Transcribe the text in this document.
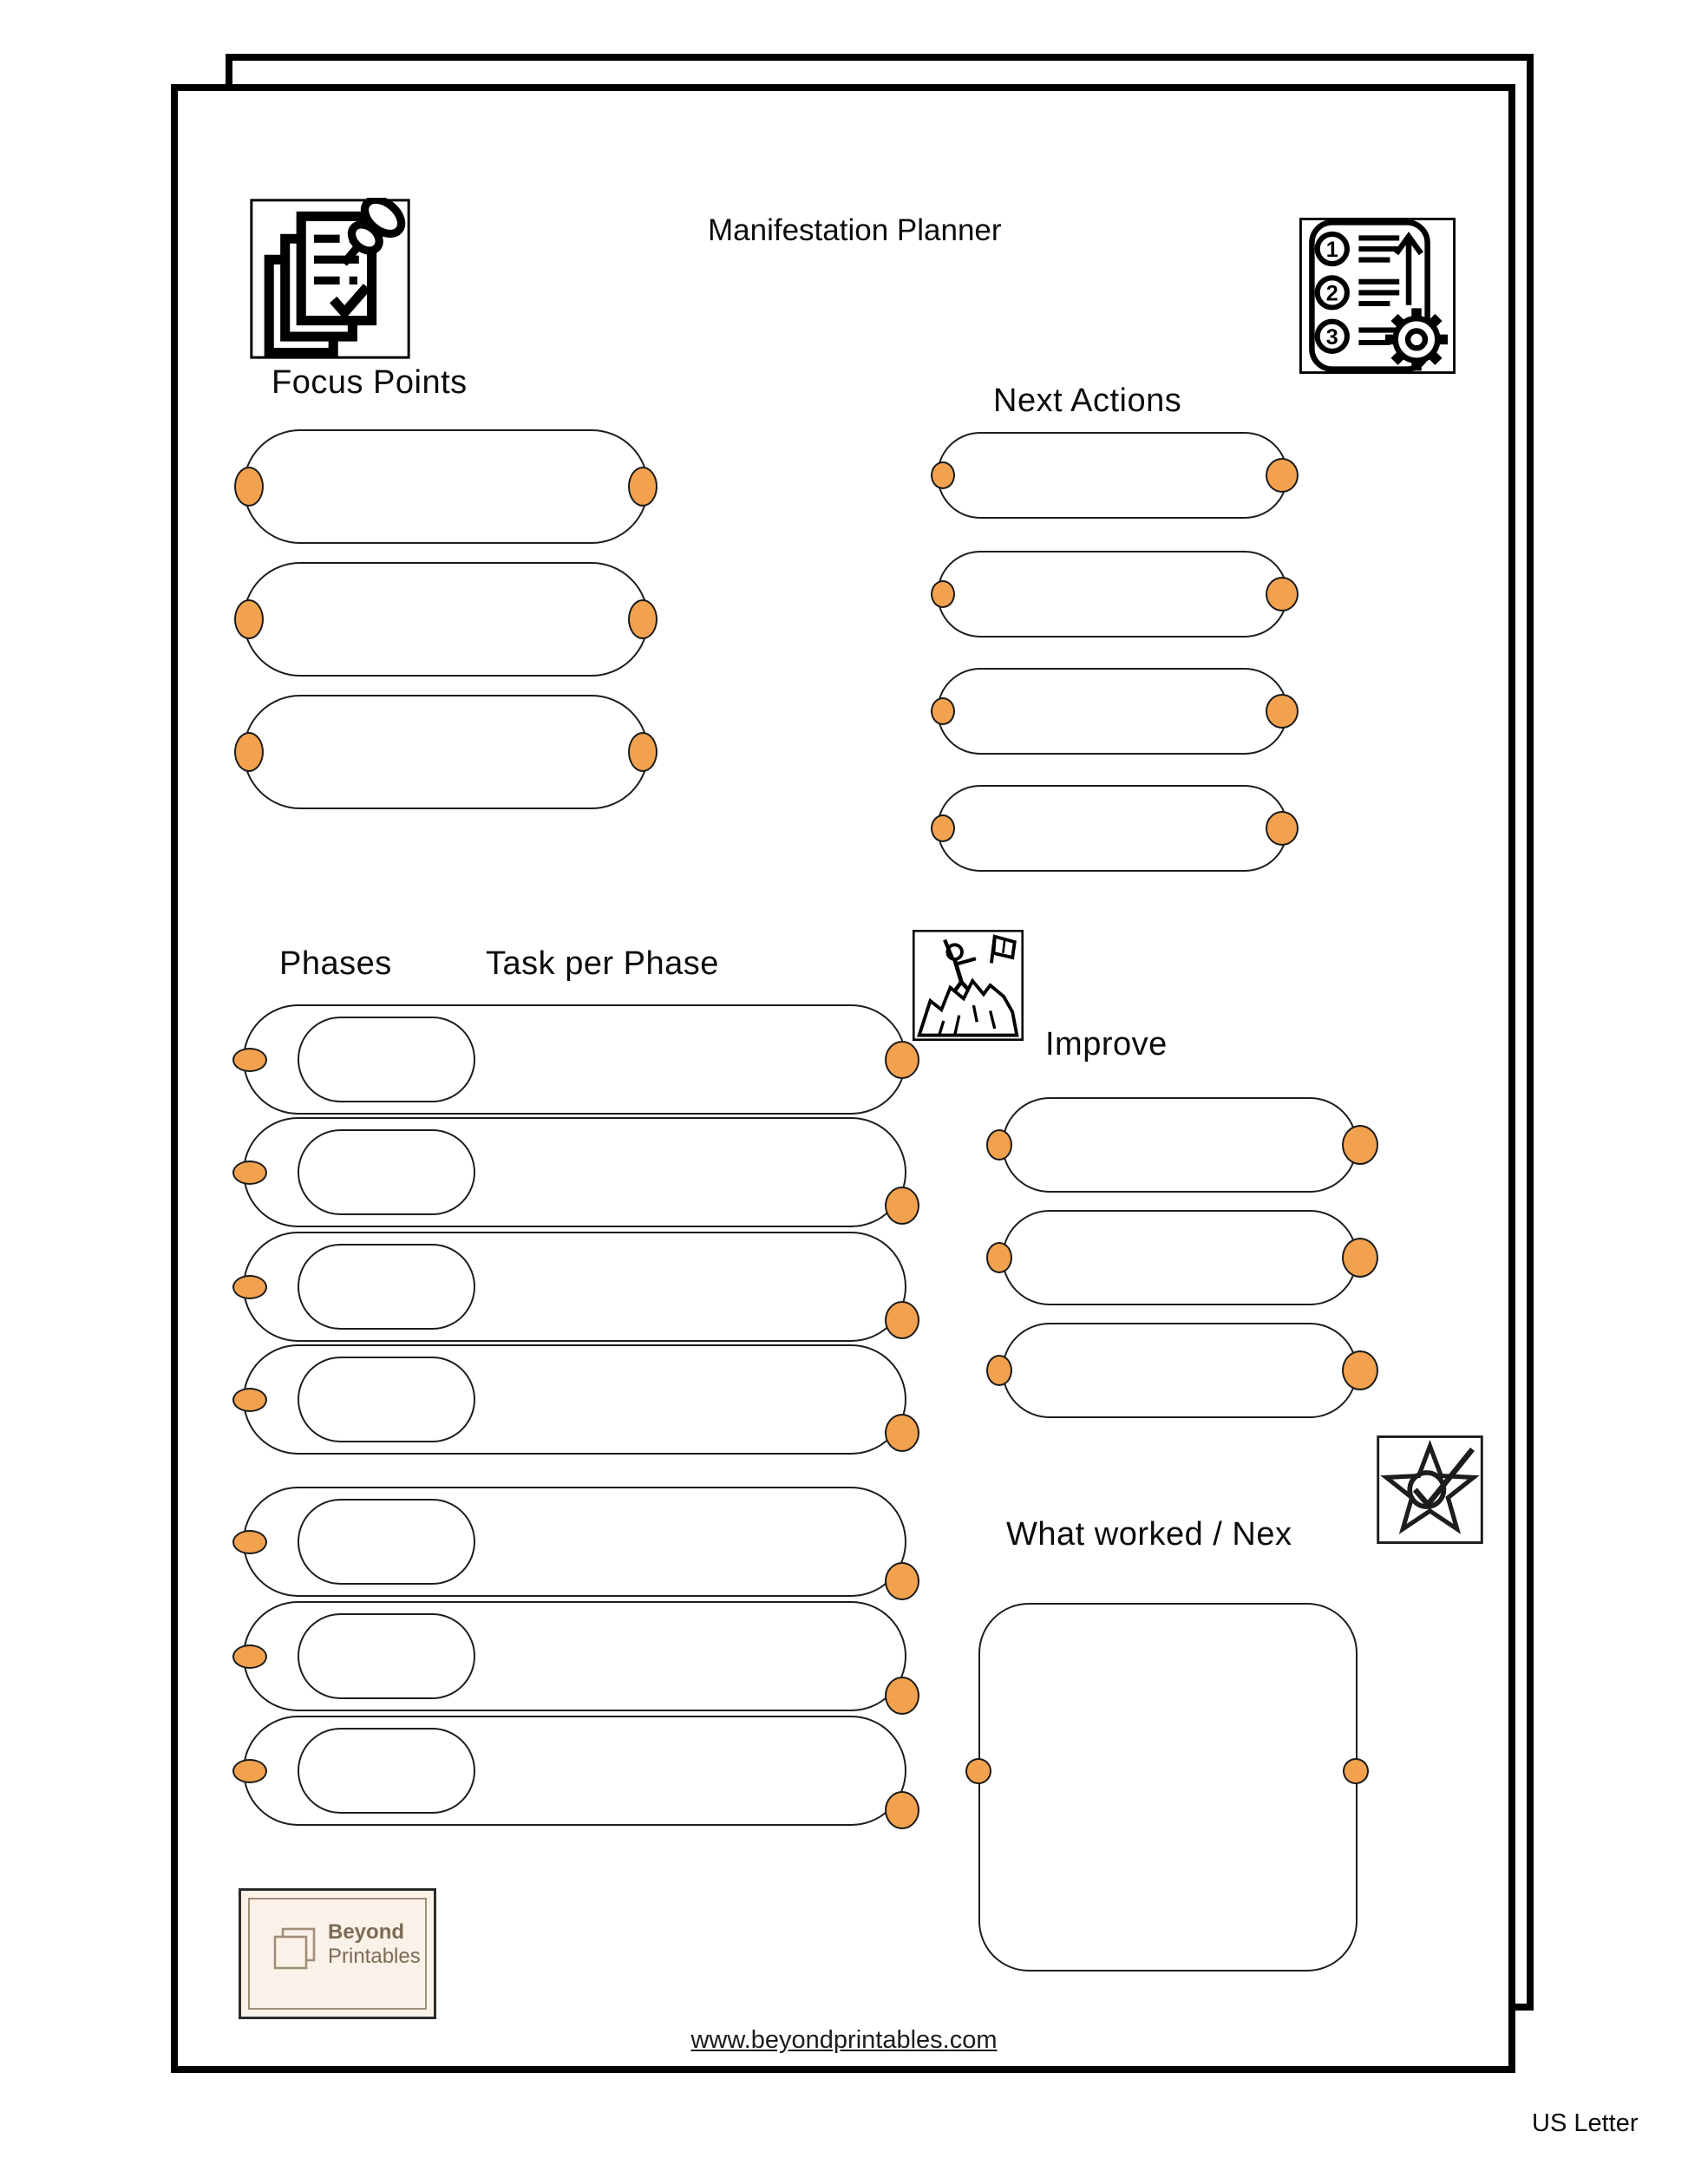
Manifestation Planner
1
2
3
Focus Points	Next Actions
Phases	Task per Phase
Improve
What worked / Nex
Beyond
Printables
www.beyondprintables.com
US Letter
